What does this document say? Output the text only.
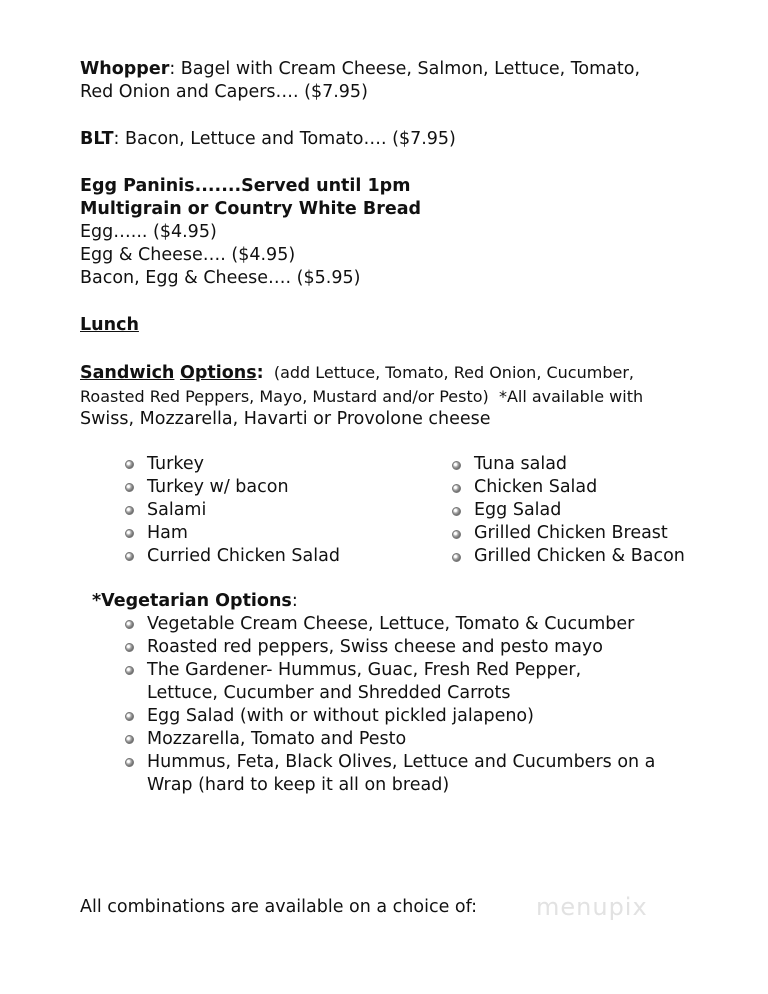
Whopper: Bagel with Cream Cheese, Salmon, Lettuce, Tomato,

Red Onion and Capers…. ($7.95)

BLT: Bacon, Lettuce and Tomato…. ($7.95)

Egg Paninis.......Served until 1pm

Multigrain or Country White Bread

Egg…... ($4.95)

Egg & Cheese…. ($4.95)

Bacon, Egg & Cheese…. ($5.95)

Lunch

Sandwich Options:  (add Lettuce, Tomato, Red Onion, Cucumber,

Roasted Red Peppers, Mayo, Mustard and/or Pesto)  *All available with

Swiss, Mozzarella, Havarti or Provolone cheese

Turkey
Turkey w/ bacon
Salami
Ham
Curried Chicken Salad
Tuna salad
Chicken Salad
Egg Salad
Grilled Chicken Breast
Grilled Chicken & Bacon

*Vegetarian Options:

Vegetable Cream Cheese, Lettuce, Tomato & Cucumber
Roasted red peppers, Swiss cheese and pesto mayo
The Gardener- Hummus, Guac, Fresh Red Pepper, Lettuce, Cucumber and Shredded Carrots
Egg Salad (with or without pickled jalapeno)
Mozzarella, Tomato and Pesto
Hummus, Feta, Black Olives, Lettuce and Cucumbers on a Wrap (hard to keep it all on bread)

All combinations are available on a choice of: menupix
